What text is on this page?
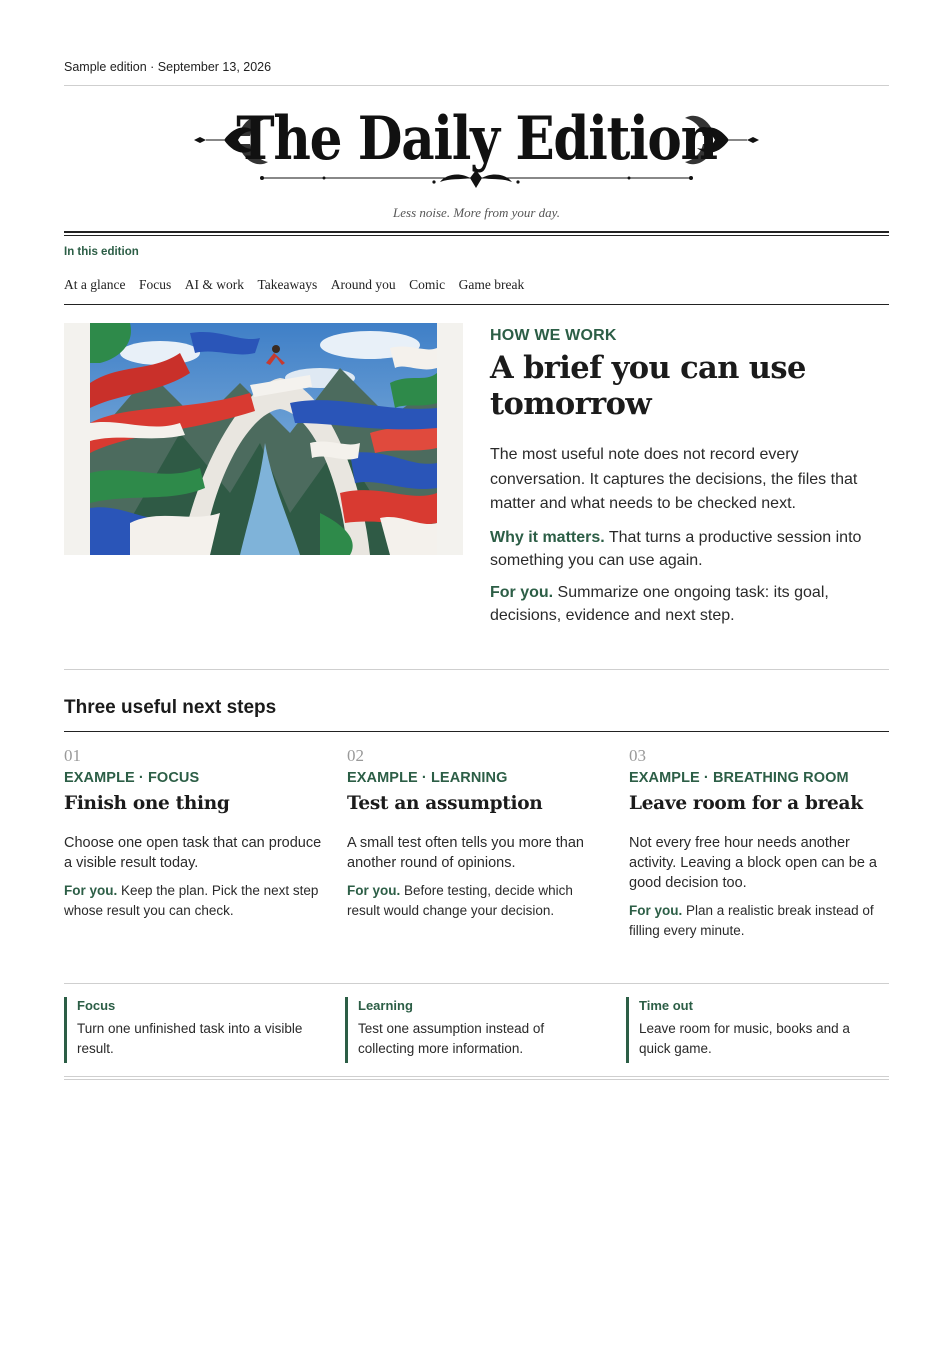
Sample edition · September 13, 2026
The Daily Edition
Less noise. More from your day.
In this edition
At a glance Focus AI & work Takeaways Around you Comic Game break
HOW WE WORK
A brief you can use tomorrow
The most useful note does not record every conversation. It captures the decisions, the files that matter and what needs to be checked next.
Why it matters. That turns a productive session into something you can use again.
For you. Summarize one ongoing task: its goal, decisions, evidence and next step.
Three useful next steps
01
EXAMPLE · FOCUS
Finish one thing
Choose one open task that can produce a visible result today.
For you. Keep the plan. Pick the next step whose result you can check.
02
EXAMPLE · LEARNING
Test an assumption
A small test often tells you more than another round of opinions.
For you. Before testing, decide which result would change your decision.
03
EXAMPLE · BREATHING ROOM
Leave room for a break
Not every free hour needs another activity. Leaving a block open can be a good decision too.
For you. Plan a realistic break instead of filling every minute.
Focus
Turn one unfinished task into a visible result.
Learning
Test one assumption instead of collecting more information.
Time out
Leave room for music, books and a quick game.
